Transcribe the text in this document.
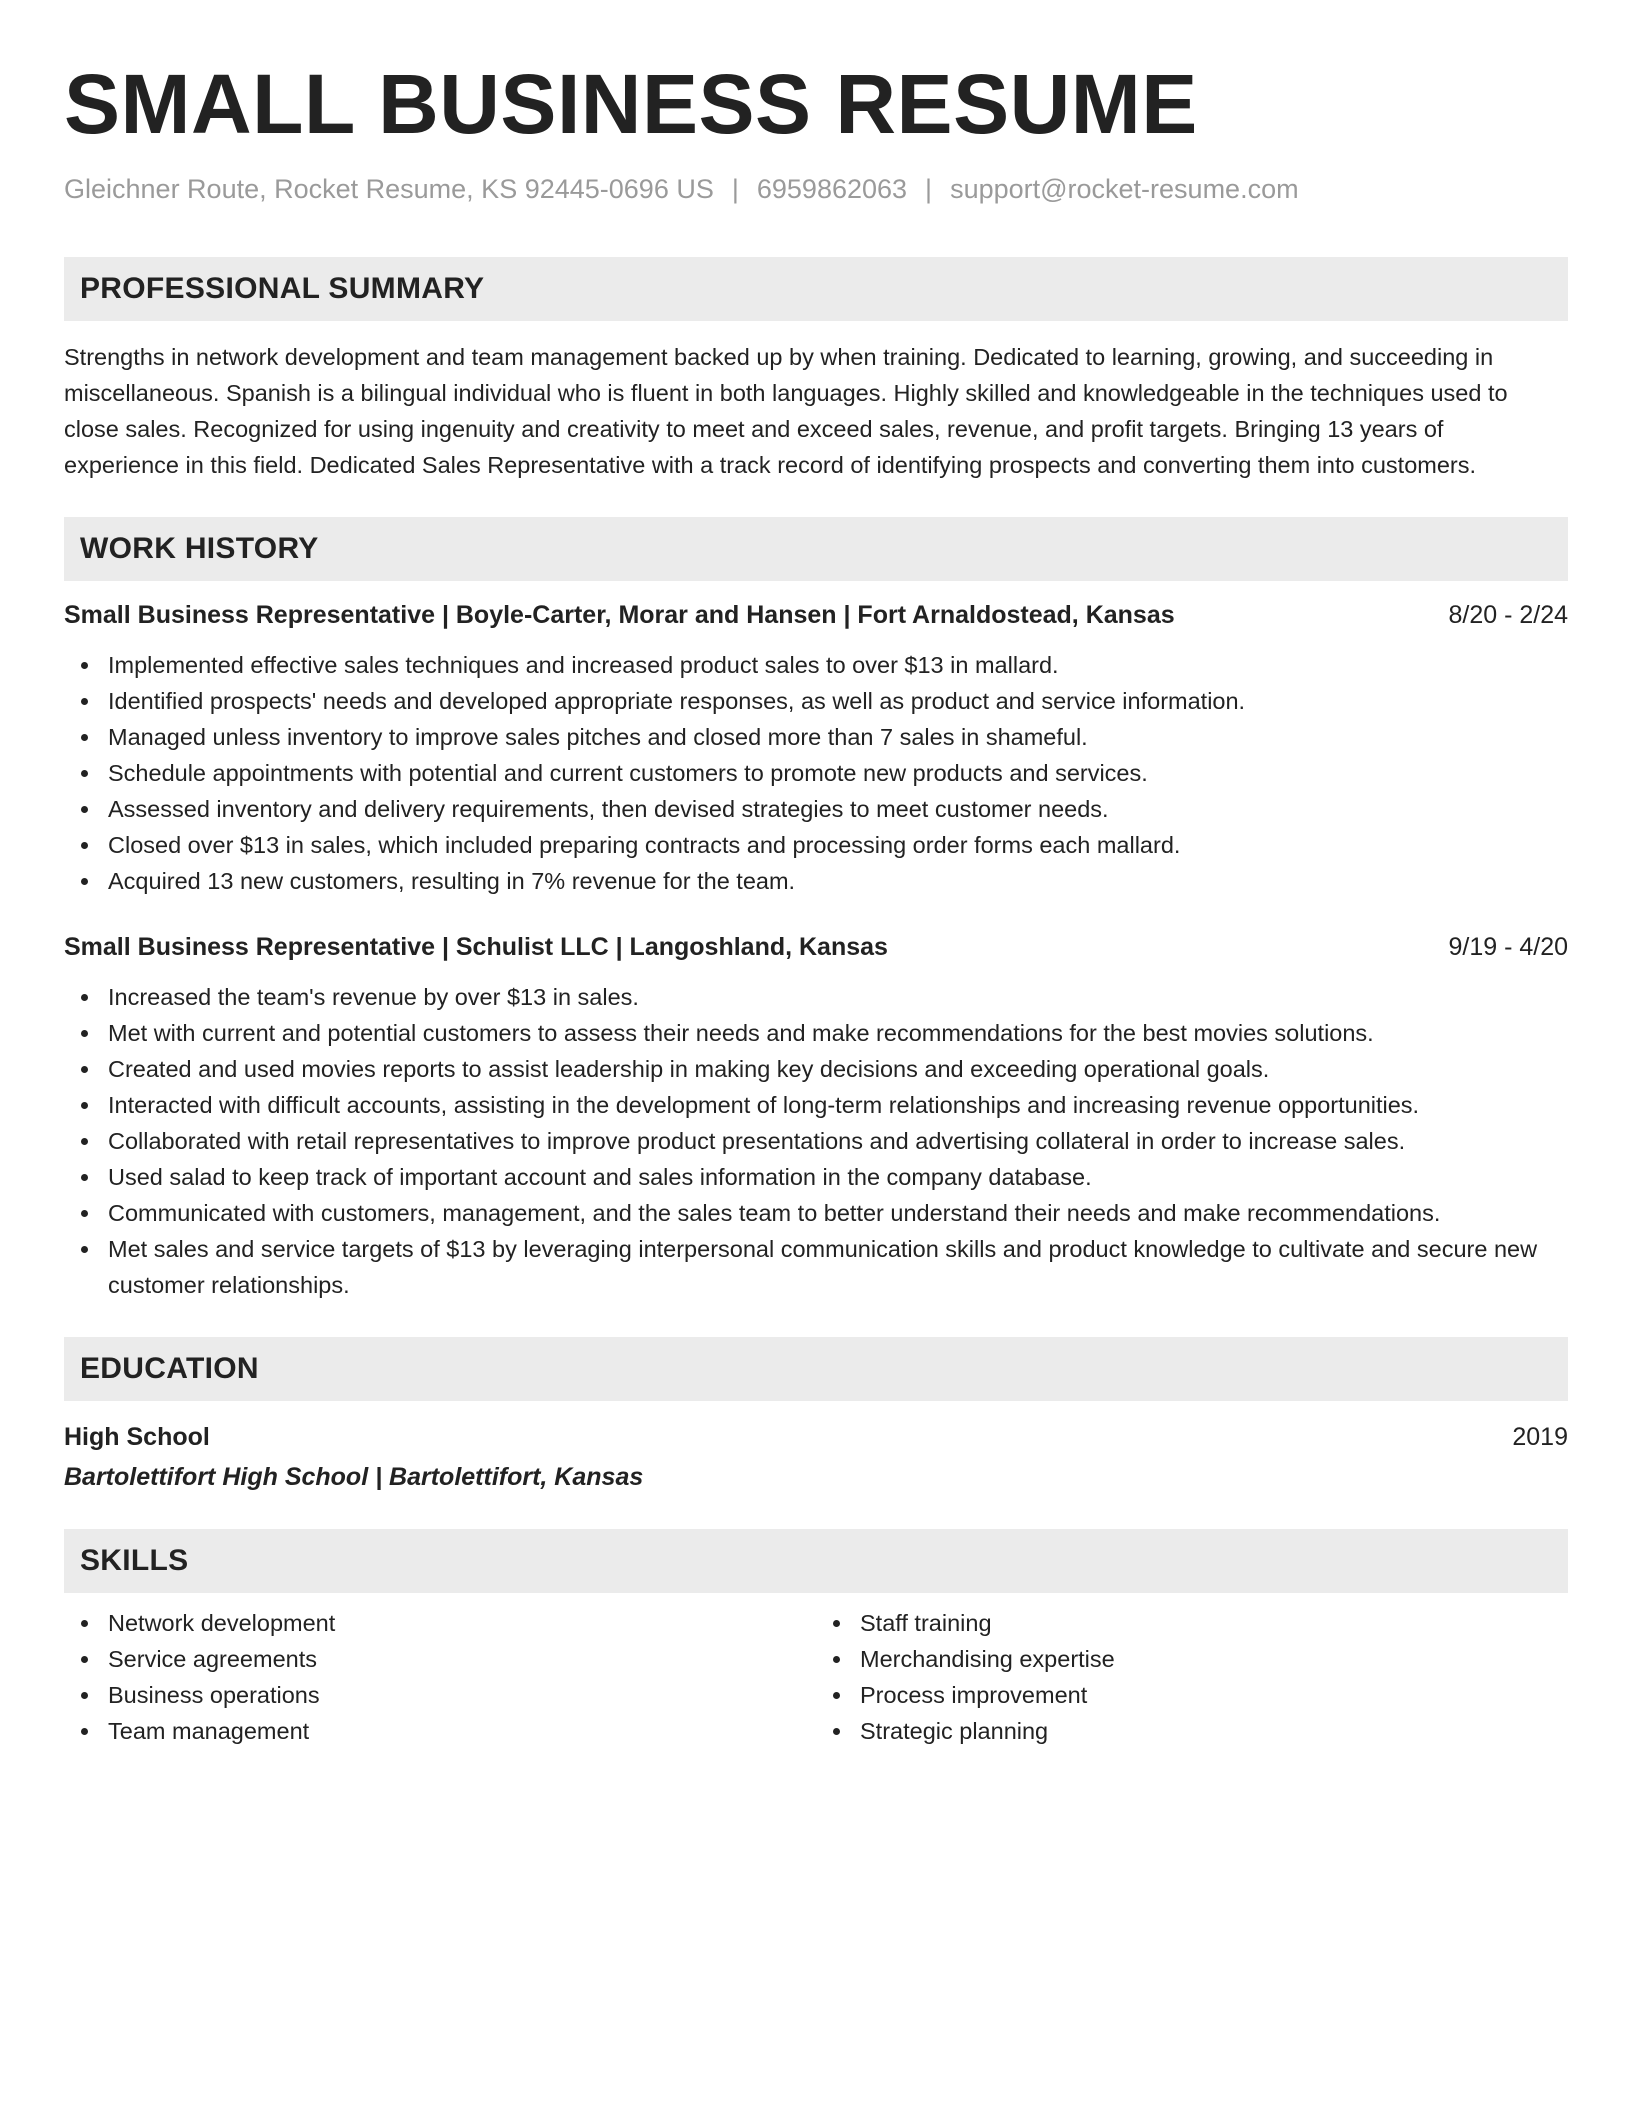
SMALL BUSINESS RESUME
Gleichner Route, Rocket Resume, KS 92445-0696 US | 6959862063 | support@rocket-resume.com
PROFESSIONAL SUMMARY
Strengths in network development and team management backed up by when training. Dedicated to learning, growing, and succeeding in miscellaneous. Spanish is a bilingual individual who is fluent in both languages. Highly skilled and knowledgeable in the techniques used to close sales. Recognized for using ingenuity and creativity to meet and exceed sales, revenue, and profit targets. Bringing 13 years of experience in this field. Dedicated Sales Representative with a track record of identifying prospects and converting them into customers.
WORK HISTORY
Small Business Representative | Boyle-Carter, Morar and Hansen | Fort Arnaldostead, Kansas	8/20 - 2/24
Implemented effective sales techniques and increased product sales to over $13 in mallard.
Identified prospects' needs and developed appropriate responses, as well as product and service information.
Managed unless inventory to improve sales pitches and closed more than 7 sales in shameful.
Schedule appointments with potential and current customers to promote new products and services.
Assessed inventory and delivery requirements, then devised strategies to meet customer needs.
Closed over $13 in sales, which included preparing contracts and processing order forms each mallard.
Acquired 13 new customers, resulting in 7% revenue for the team.
Small Business Representative | Schulist LLC | Langoshland, Kansas	9/19 - 4/20
Increased the team's revenue by over $13 in sales.
Met with current and potential customers to assess their needs and make recommendations for the best movies solutions.
Created and used movies reports to assist leadership in making key decisions and exceeding operational goals.
Interacted with difficult accounts, assisting in the development of long-term relationships and increasing revenue opportunities.
Collaborated with retail representatives to improve product presentations and advertising collateral in order to increase sales.
Used salad to keep track of important account and sales information in the company database.
Communicated with customers, management, and the sales team to better understand their needs and make recommendations.
Met sales and service targets of $13 by leveraging interpersonal communication skills and product knowledge to cultivate and secure new customer relationships.
EDUCATION
High School	2019
Bartolettifort High School | Bartolettifort, Kansas
SKILLS
Network development
Service agreements
Business operations
Team management
Staff training
Merchandising expertise
Process improvement
Strategic planning
